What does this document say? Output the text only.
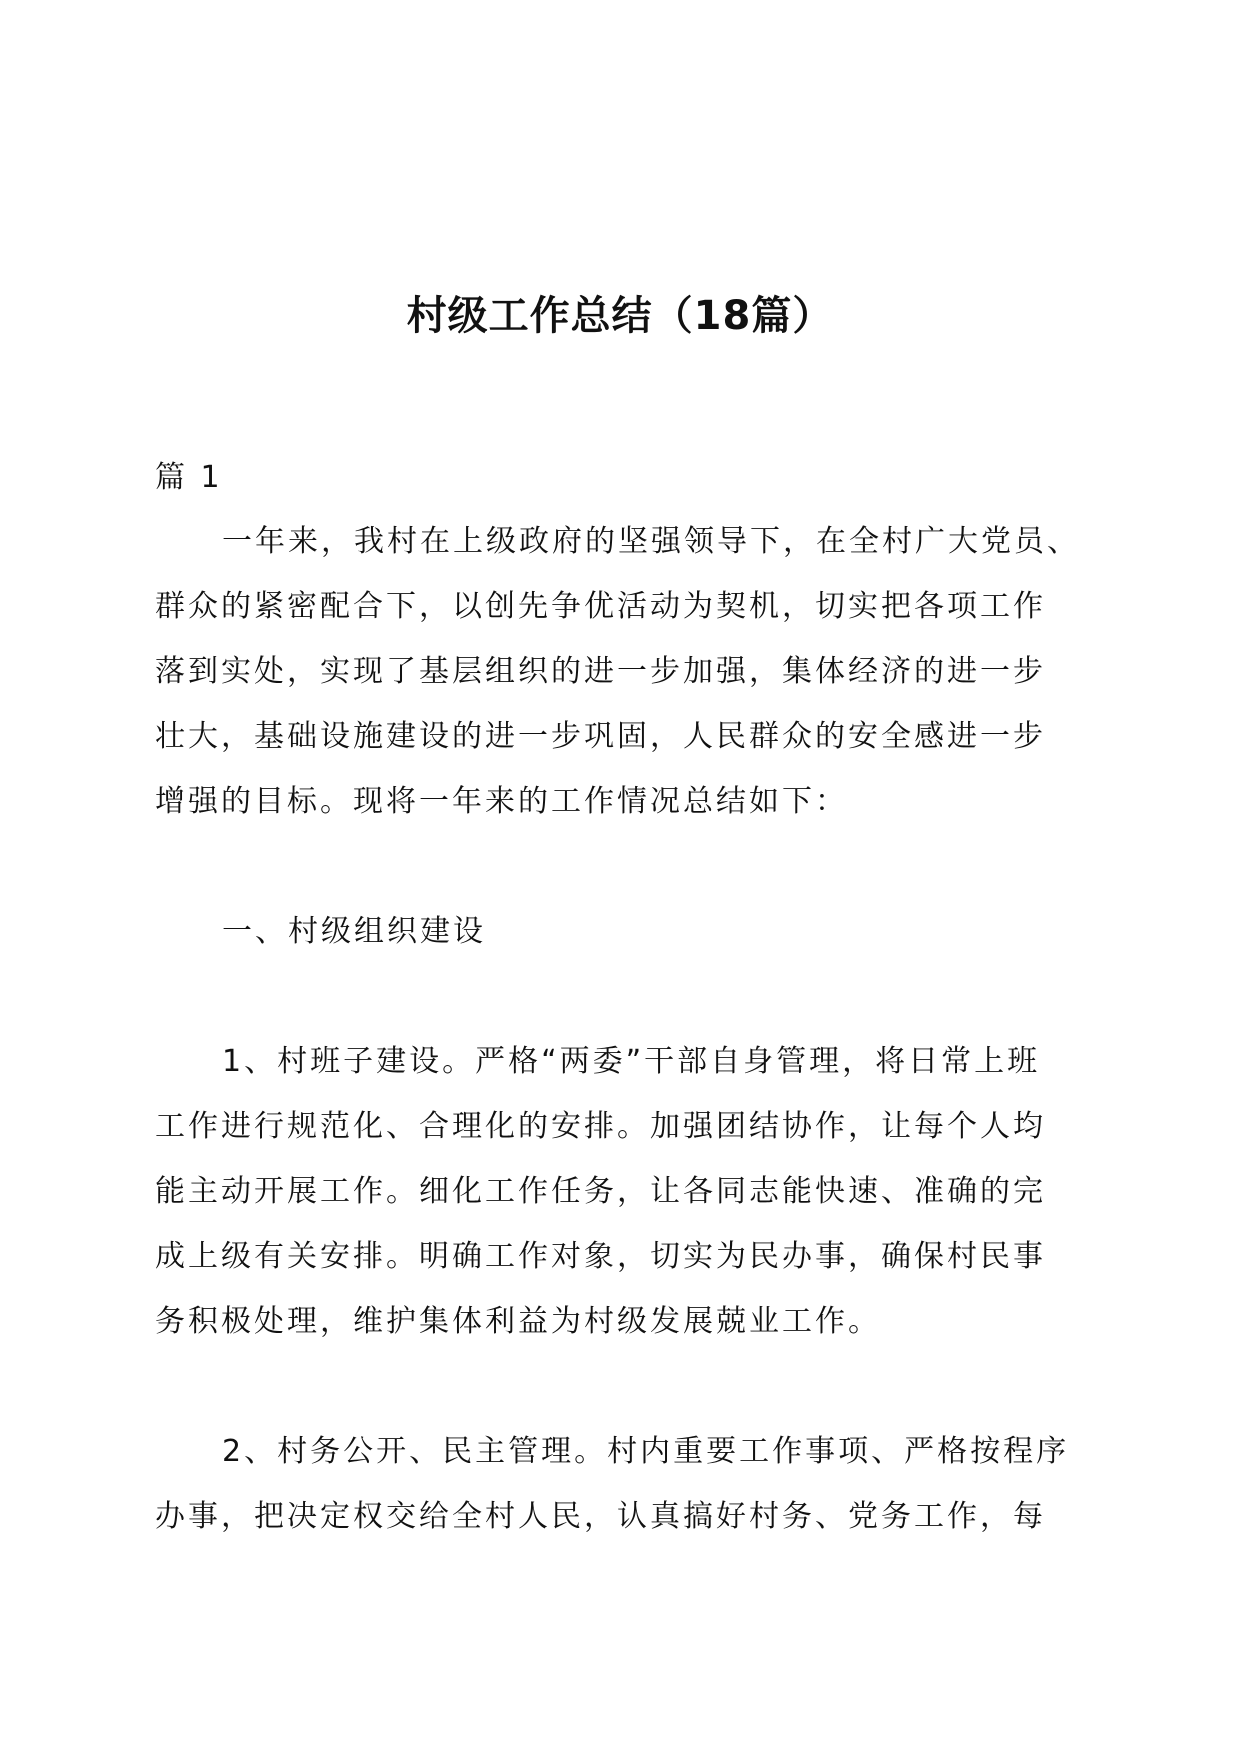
村级工作总结（18篇）
篇 1
一年来，我村在上级政府的坚强领导下，在全村广大党员、
群众的紧密配合下，以创先争优活动为契机，切实把各项工作
落到实处，实现了基层组织的进一步加强，集体经济的进一步
壮大，基础设施建设的进一步巩固，人民群众的安全感进一步
增强的目标。现将一年来的工作情况总结如下：
一、村级组织建设
1、村班子建设。严格“两委”干部自身管理，将日常上班
工作进行规范化、合理化的安排。加强团结协作，让每个人均
能主动开展工作。细化工作任务，让各同志能快速、准确的完
成上级有关安排。明确工作对象，切实为民办事，确保村民事
务积极处理，维护集体利益为村级发展兢业工作。
2、村务公开、民主管理。村内重要工作事项、严格按程序
办事，把决定权交给全村人民，认真搞好村务、党务工作，每
